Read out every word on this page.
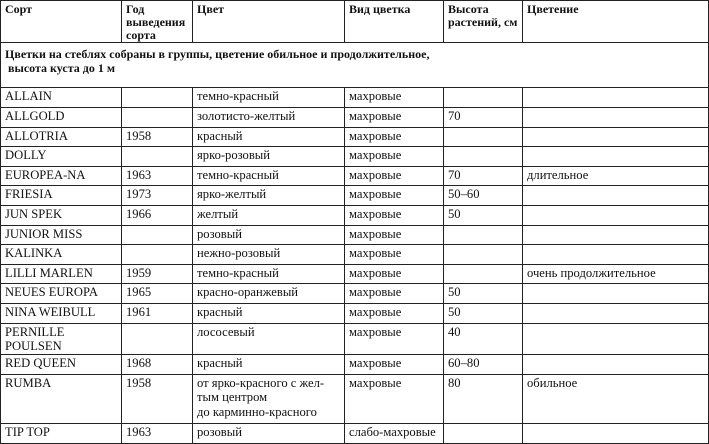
Сорт	Год
выведения
сорта	Цвет	Вид цветка	Высота
растений, см	Цветение
Цветки на стеблях собраны в группы, цветение обильное и продолжительное,
высота куста до 1 м					
ALLAIN		темно-красный	махровые		
ALLGOLD		золотисто-желтый	махровые	70	
ALLOTRIA	1958	красный	махровые		
DOLLY		ярко-розовый	махровые		
EUROPEA-NA	1963	темно-красный	махровые	70	длительное
FRIESIA	1973	ярко-желтый	махровые	50–60	
JUN SPEK	1966	желтый	махровые	50	
JUNIOR MISS		розовый	махровые		
KALINKA		нежно-розовый	махровые		
LILLI MARLEN	1959	темно-красный	махровые		очень продолжительное
NEUES EUROPA	1965	красно-оранжевый	махровые	50	
NINA WEIBULL	1961	красный	махровые	50	
PERNILLE POULSEN		лососевый	махровые	40	
RED QUEEN	1968	красный	махровые	60–80	
RUMBA	1958	от ярко-красного с жел-
тым центром
до карминно-красного	махровые	80	обильное
TIP TOP	1963	розовый	слабо-махровые		
